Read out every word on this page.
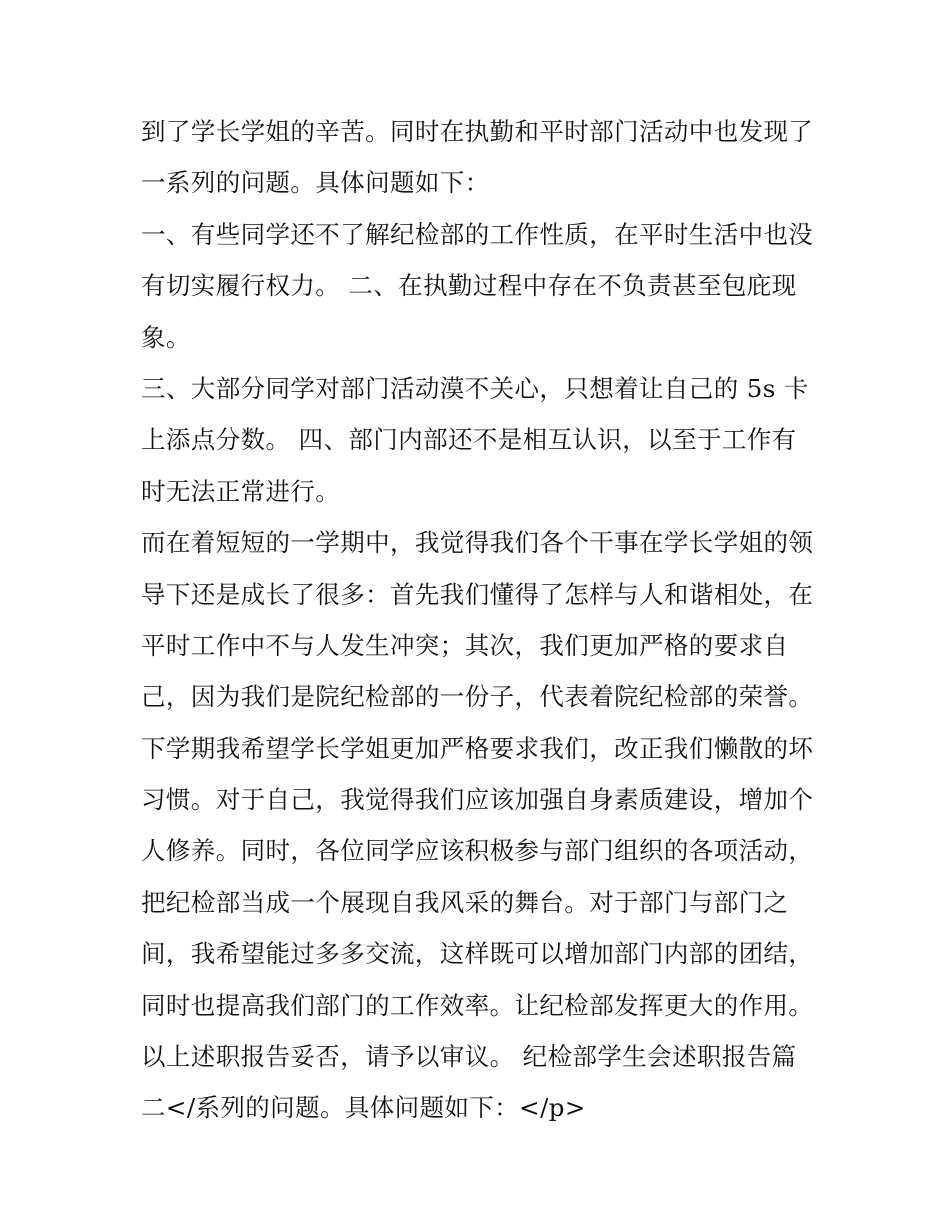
到了学长学姐的辛苦。同时在执勤和平时部门活动中也发现了
一系列的问题。具体问题如下：
一、有些同学还不了解纪检部的工作性质，在平时生活中也没
有切实履行权力。 二、在执勤过程中存在不负责甚至包庇现
象。
三、大部分同学对部门活动漠不关心，只想着让自己的 5s 卡
上添点分数。 四、部门内部还不是相互认识，以至于工作有
时无法正常进行。
而在着短短的一学期中，我觉得我们各个干事在学长学姐的领
导下还是成长了很多：首先我们懂得了怎样与人和谐相处，在
平时工作中不与人发生冲突；其次，我们更加严格的要求自
己，因为我们是院纪检部的一份子，代表着院纪检部的荣誉。
下学期我希望学长学姐更加严格要求我们，改正我们懒散的坏
习惯。对于自己，我觉得我们应该加强自身素质建设，增加个
人修养。同时，各位同学应该积极参与部门组织的各项活动，
把纪检部当成一个展现自我风采的舞台。对于部门与部门之
间，我希望能过多多交流，这样既可以增加部门内部的团结，
同时也提高我们部门的工作效率。让纪检部发挥更大的作用。
以上述职报告妥否，请予以审议。 纪检部学生会述职报告篇
二</系列的问题。具体问题如下：</p>
